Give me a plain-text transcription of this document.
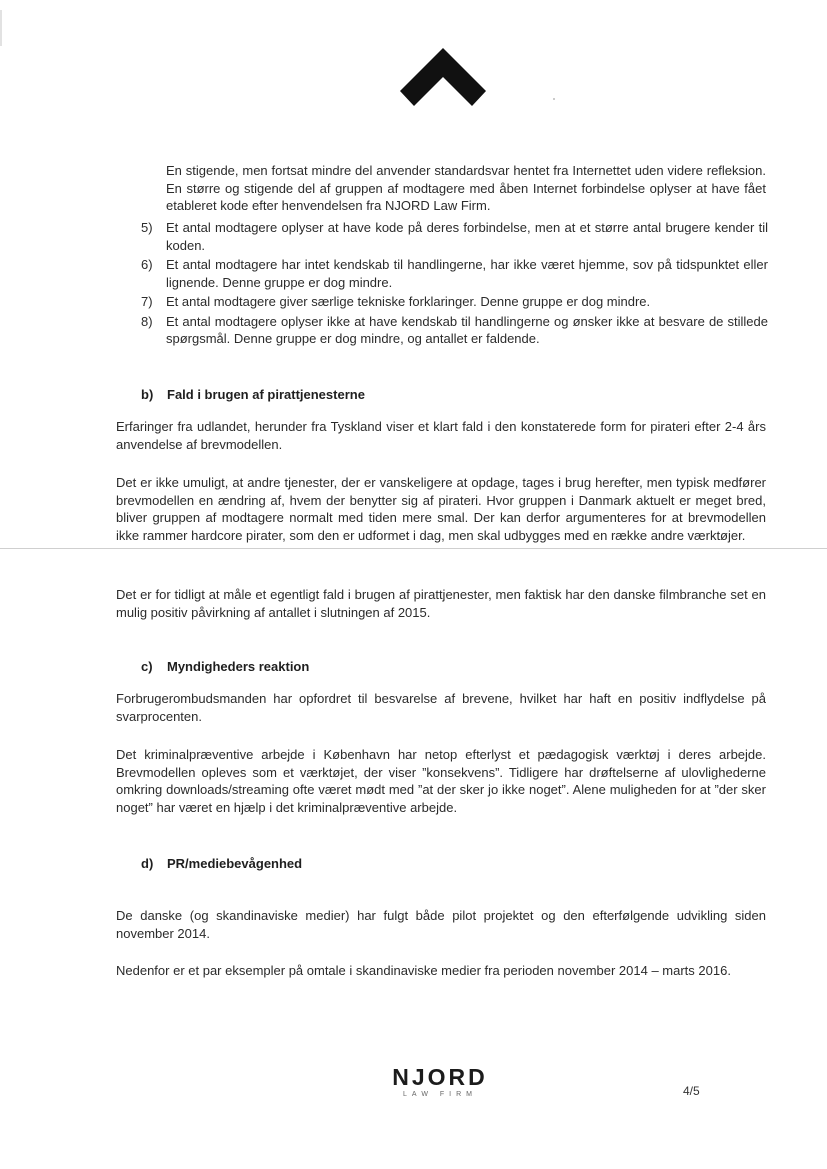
En stigende, men fortsat mindre del anvender standardsvar hentet fra Internettet uden videre refleksion. En større og stigende del af gruppen af modtagere med åben Internet forbindelse oplyser at have fået etableret kode efter henvendelsen fra NJORD Law Firm.
5) Et antal modtagere oplyser at have kode på deres forbindelse, men at et større antal brugere kender til koden.
6) Et antal modtagere har intet kendskab til handlingerne, har ikke været hjemme, sov på tidspunktet eller lignende. Denne gruppe er dog mindre.
7) Et antal modtagere giver særlige tekniske forklaringer. Denne gruppe er dog mindre.
8) Et antal modtagere oplyser ikke at have kendskab til handlingerne og ønsker ikke at besvare de stillede spørgsmål. Denne gruppe er dog mindre, og antallet er faldende.
b) Fald i brugen af pirattjenesterne
Erfaringer fra udlandet, herunder fra Tyskland viser et klart fald i den konstaterede form for pirateri efter 2-4 års anvendelse af brevmodellen.
Det er ikke umuligt, at andre tjenester, der er vanskeligere at opdage, tages i brug herefter, men typisk medfører brevmodellen en ændring af, hvem der benytter sig af pirateri. Hvor gruppen i Danmark aktuelt er meget bred, bliver gruppen af modtagere normalt med tiden mere smal. Der kan derfor argumenteres for at brevmodellen ikke rammer hardcore pirater, som den er udformet i dag, men skal udbygges med en række andre værktøjer.
Det er for tidligt at måle et egentligt fald i brugen af pirattjenester, men faktisk har den danske filmbranche set en mulig positiv påvirkning af antallet i slutningen af 2015.
c) Myndigheders reaktion
Forbrugerombudsmanden har opfordret til besvarelse af brevene, hvilket har haft en positiv indflydelse på svarprocenten.
Det kriminalpræventive arbejde i København har netop efterlyst et pædagogisk værktøj i deres arbejde. Brevmodellen opleves som et værktøjet, der viser ”konsekvens”. Tidligere har drøftelserne af ulovlighederne omkring downloads/streaming ofte været mødt med ”at der sker jo ikke noget”. Alene muligheden for at ”der sker noget” har været en hjælp i det kriminalpræventive arbejde.
d) PR/mediebevågenhed
De danske (og skandinaviske medier) har fulgt både pilot projektet og den efterfølgende udvikling siden november 2014.
Nedenfor er et par eksempler på omtale i skandinaviske medier fra perioden november 2014 – marts 2016.
NJORD
LAW FIRM	4/5
